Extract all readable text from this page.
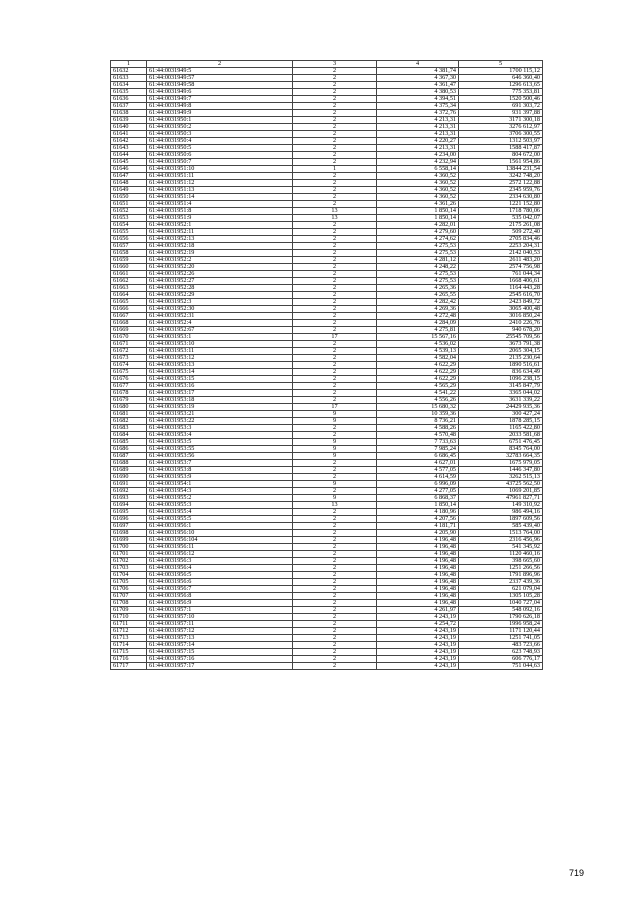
1	2	3	4	5
61632	61:44:0031949:5	2	4 381,74	1700 115,12
61633	61:44:0031949:57	2	4 367,30	646 360,40
61634	61:44:0031949:58	2	4 361,47	1296 613,65
61635	61:44:0031949:6	2	4 380,53	775 353,81
61636	61:44:0031949:7	2	4 394,51	1520 500,46
61637	61:44:0031949:8	2	4 375,34	691 303,72
61638	61:44:0031949:9	2	4 372,76	931 397,88
61639	61:44:0031950:1	2	4 213,31	3171 300,18
61640	61:44:0031950:2	2	4 213,31	3276 612,97
61641	61:44:0031950:3	2	4 213,31	3706 300,55
61642	61:44:0031950:4	2	4 220,27	1312 503,97
61643	61:44:0031950:5	2	4 213,31	1588 417,87
61644	61:44:0031950:6	2	4 234,00	804 672,00
61645	61:44:0031950:7	2	4 232,94	1561 954,86
61646	61:44:0031951:10	1	6 558,14	13844 231,54
61647	61:44:0031951:11	2	4 360,52	3242 748,20
61648	61:44:0031951:12	2	4 360,52	2572 122,88
61649	61:44:0031951:13	2	4 360,52	2345 959,76
61650	61:44:0031951:14	2	4 360,52	2334 630,80
61651	61:44:0031951:4	2	4 361,26	1221 152,80
61652	61:44:0031951:8	13	1 850,14	1718 780,06
61653	61:44:0031951:9	13	1 850,14	535 042,07
61654	61:44:0031952:1	2	4 282,01	2175 261,08
61655	61:44:0031952:11	2	4 279,60	509 272,40
61656	61:44:0031952:13	2	4 274,62	2705 834,46
61657	61:44:0031952:18	2	4 275,53	2253 204,31
61658	61:44:0031952:19	2	4 275,53	2142 040,53
61659	61:44:0031952:2	2	4 281,12	2611 483,20
61660	61:44:0031952:20	2	4 248,22	2574 756,98
61661	61:44:0031952:26	2	4 275,53	761 044,34
61662	61:44:0031952:27	2	4 275,53	1668 406,61
61663	61:44:0031952:28	2	4 265,36	1164 443,28
61664	61:44:0031952:29	2	4 265,55	2545 616,70
61665	61:44:0031952:3	2	4 282,42	2423 849,72
61666	61:44:0031952:30	2	4 269,36	3065 400,48
61667	61:44:0031952:31	2	4 272,48	3016 850,24
61668	61:44:0031952:4	2	4 284,09	2410 226,76
61669	61:44:0031952:67	2	4 275,81	940 678,20
61670	61:44:0031953:1	17	15 567,16	25545 709,56
61671	61:44:0031953:10	2	4 536,02	3673 791,38
61672	61:44:0031953:11	2	4 539,13	2065 304,15
61673	61:44:0031953:12	2	4 582,04	2135 230,64
61674	61:44:0031953:13	2	4 622,29	1890 516,61
61675	61:44:0031953:14	2	4 622,29	836 634,49
61676	61:44:0031953:15	2	4 622,29	1096 238,15
61677	61:44:0031953:16	2	4 565,29	3145 847,79
61678	61:44:0031953:17	2	4 541,22	3365 044,02
61679	61:44:0031953:18	2	4 556,26	3631 339,22
61680	61:44:0031953:19	17	15 680,32	24429 935,36
61681	61:44:0031953:21	9	10 359,36	300 427,24
61682	61:44:0031953:22	9	8 736,21	1878 285,15
61683	61:44:0031953:3	2	4 588,26	1165 422,80
61684	61:44:0031953:4	2	4 570,48	2033 581,68
61685	61:44:0031953:5	9	7 733,63	6751 476,45
61686	61:44:0031953:55	9	7 985,24	8345 764,00
61687	61:44:0031953:56	9	6 686,45	32783 664,35
61688	61:44:0031953:7	2	4 627,01	1675 979,05
61689	61:44:0031953:8	2	4 577,05	1446 347,80
61690	61:44:0031953:9	2	4 614,59	3262 515,13
61691	61:44:0031954:1	9	6 996,09	43725 562,50
61692	61:44:0031954:3	2	4 277,05	1069 201,85
61693	61:44:0031955:2	9	6 868,37	47961 827,71
61694	61:44:0031955:3	13	1 850,14	149 310,92
61695	61:44:0031955:4	2	4 180,96	986 494,16
61696	61:44:0031955:5	2	4 207,56	1897 609,56
61697	61:44:0031956:1	2	4 181,71	585 439,40
61698	61:44:0031956:10	2	4 205,90	1513 764,00
61699	61:44:0031956:104	2	4 196,48	2316 456,96
61700	61:44:0031956:11	2	4 196,48	541 345,92
61701	61:44:0031956:12	2	4 196,48	1120 460,16
61702	61:44:0031956:3	2	4 196,48	398 665,60
61703	61:44:0031956:4	2	4 196,48	1251 266,56
61704	61:44:0031956:5	2	4 196,48	1791 896,96
61705	61:44:0031956:6	2	4 196,48	2337 439,36
61706	61:44:0031956:7	2	4 196,48	621 079,04
61707	61:44:0031956:8	2	4 196,48	1305 105,28
61708	61:44:0031956:9	2	4 196,48	1040 727,04
61709	61:44:0031957:1	2	4 261,97	548 092,16
61710	61:44:0031957:10	2	4 243,19	1790 626,18
61711	61:44:0031957:11	2	4 254,72	1996 958,24
61712	61:44:0031957:12	2	4 243,19	1171 120,44
61713	61:44:0031957:13	2	4 243,19	1251 741,05
61714	61:44:0031957:14	2	4 243,19	483 723,66
61715	61:44:0031957:15	2	4 243,19	623 748,93
61716	61:44:0031957:16	2	4 243,19	606 776,17
61717	61:44:0031957:17	2	4 243,19	751 044,63
719
